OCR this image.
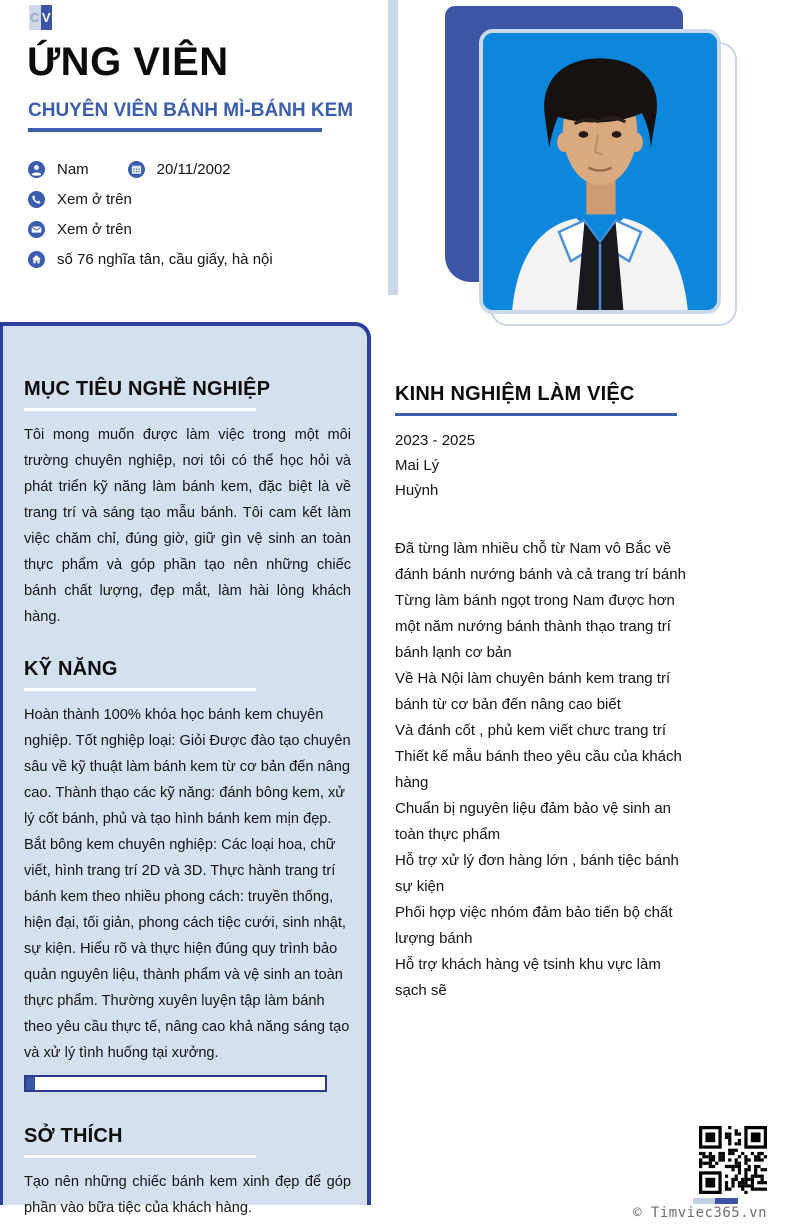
C V
ỨNG VIÊN
CHUYÊN VIÊN BÁNH MÌ-BÁNH KEM
Nam	20/11/2002
Xem ở trên
Xem ở trên
số 76 nghĩa tân, cầu giấy, hà nội
MỤC TIÊU NGHỀ NGHIỆP

Tôi mong muốn được làm việc trong một môi trường chuyên nghiệp, nơi tôi có thể học hỏi và phát triển kỹ năng làm bánh kem, đặc biệt là về trang trí và sáng tạo mẫu bánh. Tôi cam kết làm việc chăm chỉ, đúng giờ, giữ gìn vệ sinh an toàn thực phẩm và góp phần tạo nên những chiếc bánh chất lượng, đẹp mắt, làm hài lòng khách hàng.

KỸ NĂNG

Hoàn thành 100% khóa học bánh kem chuyên nghiệp. Tốt nghiệp loại: Giỏi Được đào tạo chuyên sâu về kỹ thuật làm bánh kem từ cơ bản đến nâng cao. Thành thạo các kỹ năng: đánh bông kem, xử lý cốt bánh, phủ và tạo hình bánh kem mịn đẹp. Bắt bông kem chuyên nghiệp: Các loại hoa, chữ viết, hình trang trí 2D và 3D. Thực hành trang trí bánh kem theo nhiều phong cách: truyền thống, hiện đại, tối giản, phong cách tiệc cưới, sinh nhật, sự kiện. Hiểu rõ và thực hiện đúng quy trình bảo quản nguyên liệu, thành phẩm và vệ sinh an toàn thực phẩm. Thường xuyên luyện tập làm bánh theo yêu cầu thực tế, nâng cao khả năng sáng tạo và xử lý tình huống tại xưởng.

SỞ THÍCH

Tạo nên những chiếc bánh kem xinh đẹp để góp phần vào bữa tiệc của khách hàng.

KINH NGHIỆM LÀM VIỆC
2023 - 2025
Mai Lý
Huỳnh

Đã từng làm nhiều chỗ từ Nam vô Bắc về đánh bánh nướng bánh và cả trang trí bánh

Từng làm bánh ngọt trong Nam được hơn một năm nướng bánh thành thạo trang trí bánh lạnh cơ bản

Về Hà Nội làm chuyên bánh kem trang trí bánh từ cơ bản đến nâng cao biết

Và đánh cốt , phủ kem viết chưc trang trí

Thiết kế mẫu bánh theo yêu cầu của khách hàng

Chuẩn bị nguyên liệu đảm bảo vệ sinh an toàn thực phẩm

Hỗ trợ xử lý đơn hàng lớn , bánh tiệc bánh sự kiện

Phối hợp việc nhóm đảm bảo tiến bộ chất lượng bánh

Hỗ trợ khách hàng vệ tsinh khu vực làm sạch sẽ

© Timviec365.vn
